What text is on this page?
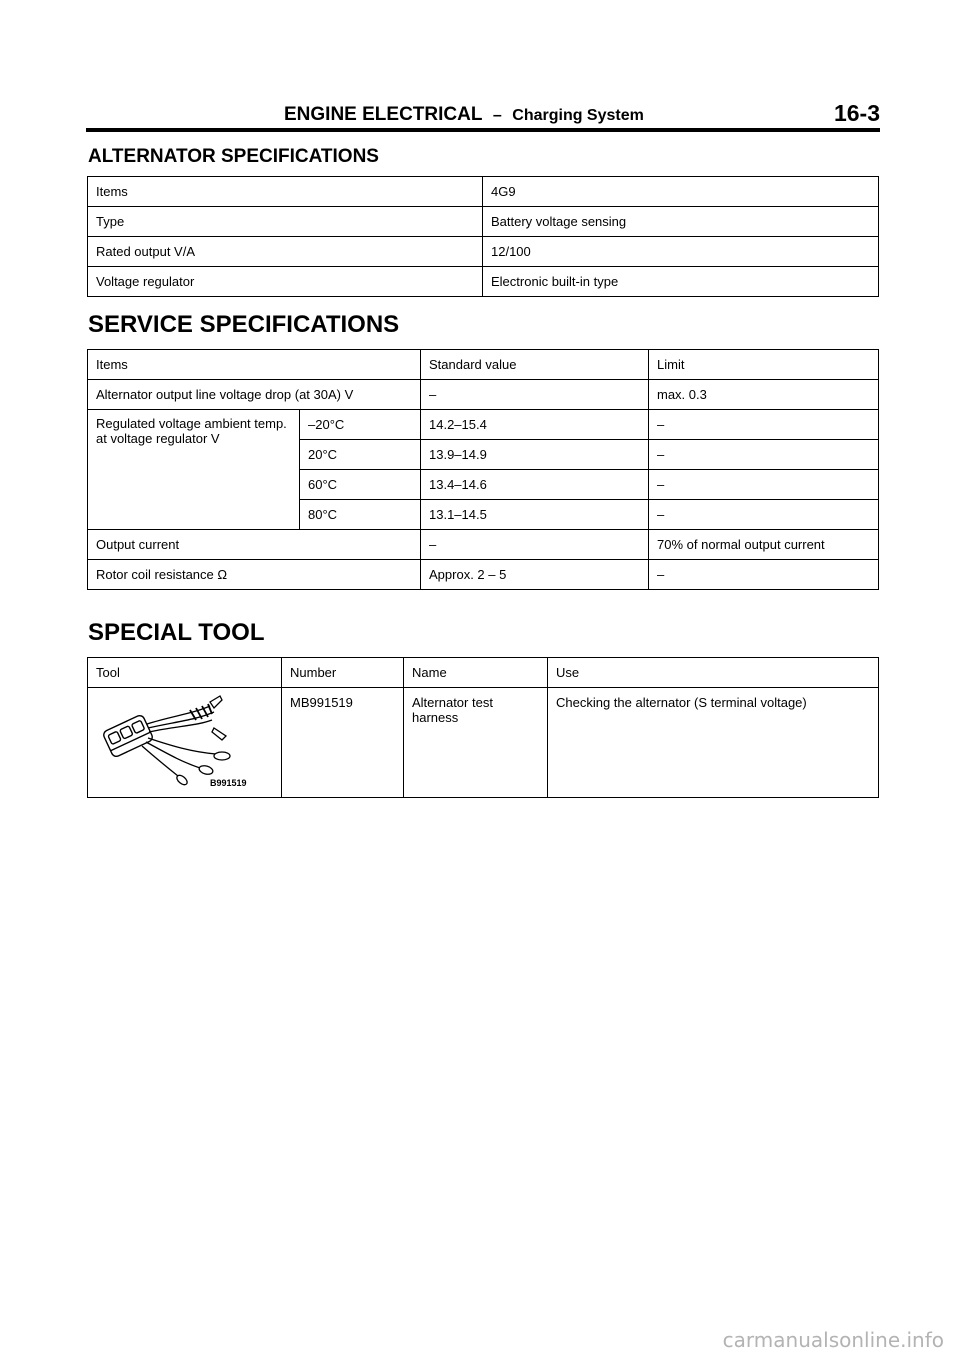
ENGINE ELECTRICAL – Charging System	16-3
ALTERNATOR SPECIFICATIONS
Items	4G9
Type	Battery voltage sensing
Rated output V/A	12/100
Voltage regulator	Electronic built-in type
SERVICE SPECIFICATIONS
Items		Standard value	Limit
Alternator output line voltage drop (at 30A) V		–	max. 0.3
Regulated voltage ambient temp. at voltage regulator V	–20°C	14.2–15.4	–
	20°C	13.9–14.9	–
	60°C	13.4–14.6	–
	80°C	13.1–14.5	–
Output current		–	70% of normal output current
Rotor coil resistance Ω		Approx. 2 – 5	–
SPECIAL TOOL
Tool	Number	Name	Use

B991519	MB991519	Alternator test harness	Checking the alternator (S terminal voltage)
carmanualsonline.info
